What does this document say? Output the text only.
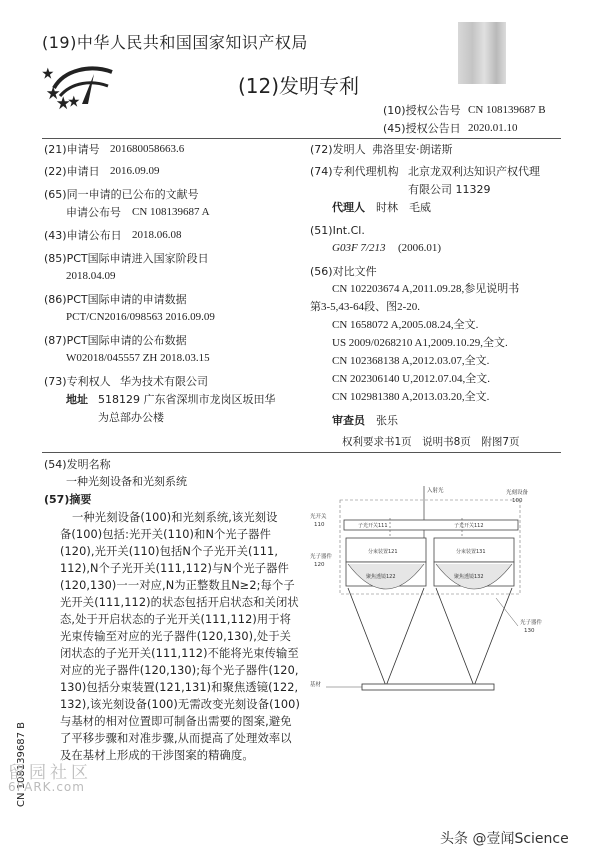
(19)中华人民共和国国家知识产权局
(12)发明专利
(10)授权公告号 CN 108139687 B
(45)授权公告日 2020.01.10
(21)申请号 201680058663.6
(22)申请日 2016.09.09
(65)同一申请的已公布的文献号
申请公布号 CN 108139687 A
(43)申请公布日 2018.06.08
(85)PCT国际申请进入国家阶段日
2018.04.09
(86)PCT国际申请的申请数据
PCT/CN2016/098563 2016.09.09
(87)PCT国际申请的公布数据
W02018/045557 ZH 2018.03.15
(73)专利权人 华为技术有限公司
地址 518129 广东省深圳市龙岗区坂田华
为总部办公楼
(72)发明人 弗洛里安·朗诺斯
(74)专利代理机构 北京龙双利达知识产权代理
有限公司 11329
代理人 时林　毛威
(51)Int.Cl.
G03F 7/213 (2006.01)
(56)对比文件
CN 102203674 A,2011.09.28,参见说明书
第3-5,43-64段、图2-20.
CN 1658072 A,2005.08.24,全文.
US 2009/0268210 A1,2009.10.29,全文.
CN 102368138 A,2012.03.07,全文.
CN 202306140 U,2012.07.04,全文.
CN 102981380 A,2013.03.20,全文.
审查员 张乐
权利要求书1页　说明书8页　附图7页
(54)发明名称
一种光刻设备和光刻系统
(57)摘要
一种光刻设备(100)和光刻系统,该光刻设
备(100)包括:光开关(110)和N个光子器件
(120),光开关(110)包括N个子光开关(111,
112),N个子光开关(111,112)与N个光子器件
(120,130)一一对应,N为正整数且N≥2;每个子
光开关(111,112)的状态包括开启状态和关闭状
态,处于开启状态的子光开关(111,112)用于将
光束传输至对应的光子器件(120,130),处于关
闭状态的子光开关(111,112)不能将光束传输至
对应的光子器件(120,130);每个光子器件(120,
130)包括分束装置(121,131)和聚焦透镜(122,
132),该光刻设备(100)无需改变光刻设备(100)
与基材的相对位置即可制备出需要的图案,避免
了平移步骤和对准步骤,从而提高了处理效率以
及在基材上形成的干涉图案的精确度。
入射光	光刻设备
100
光开关
110	子光开关111	子光开关112
分束装置121	分束装置131
光子器件
120
聚焦透镜122	聚焦透镜132
光子器件
130
基材
CN 108139687 B
留园社区
6PARK.com
头条 @壹闻Science
